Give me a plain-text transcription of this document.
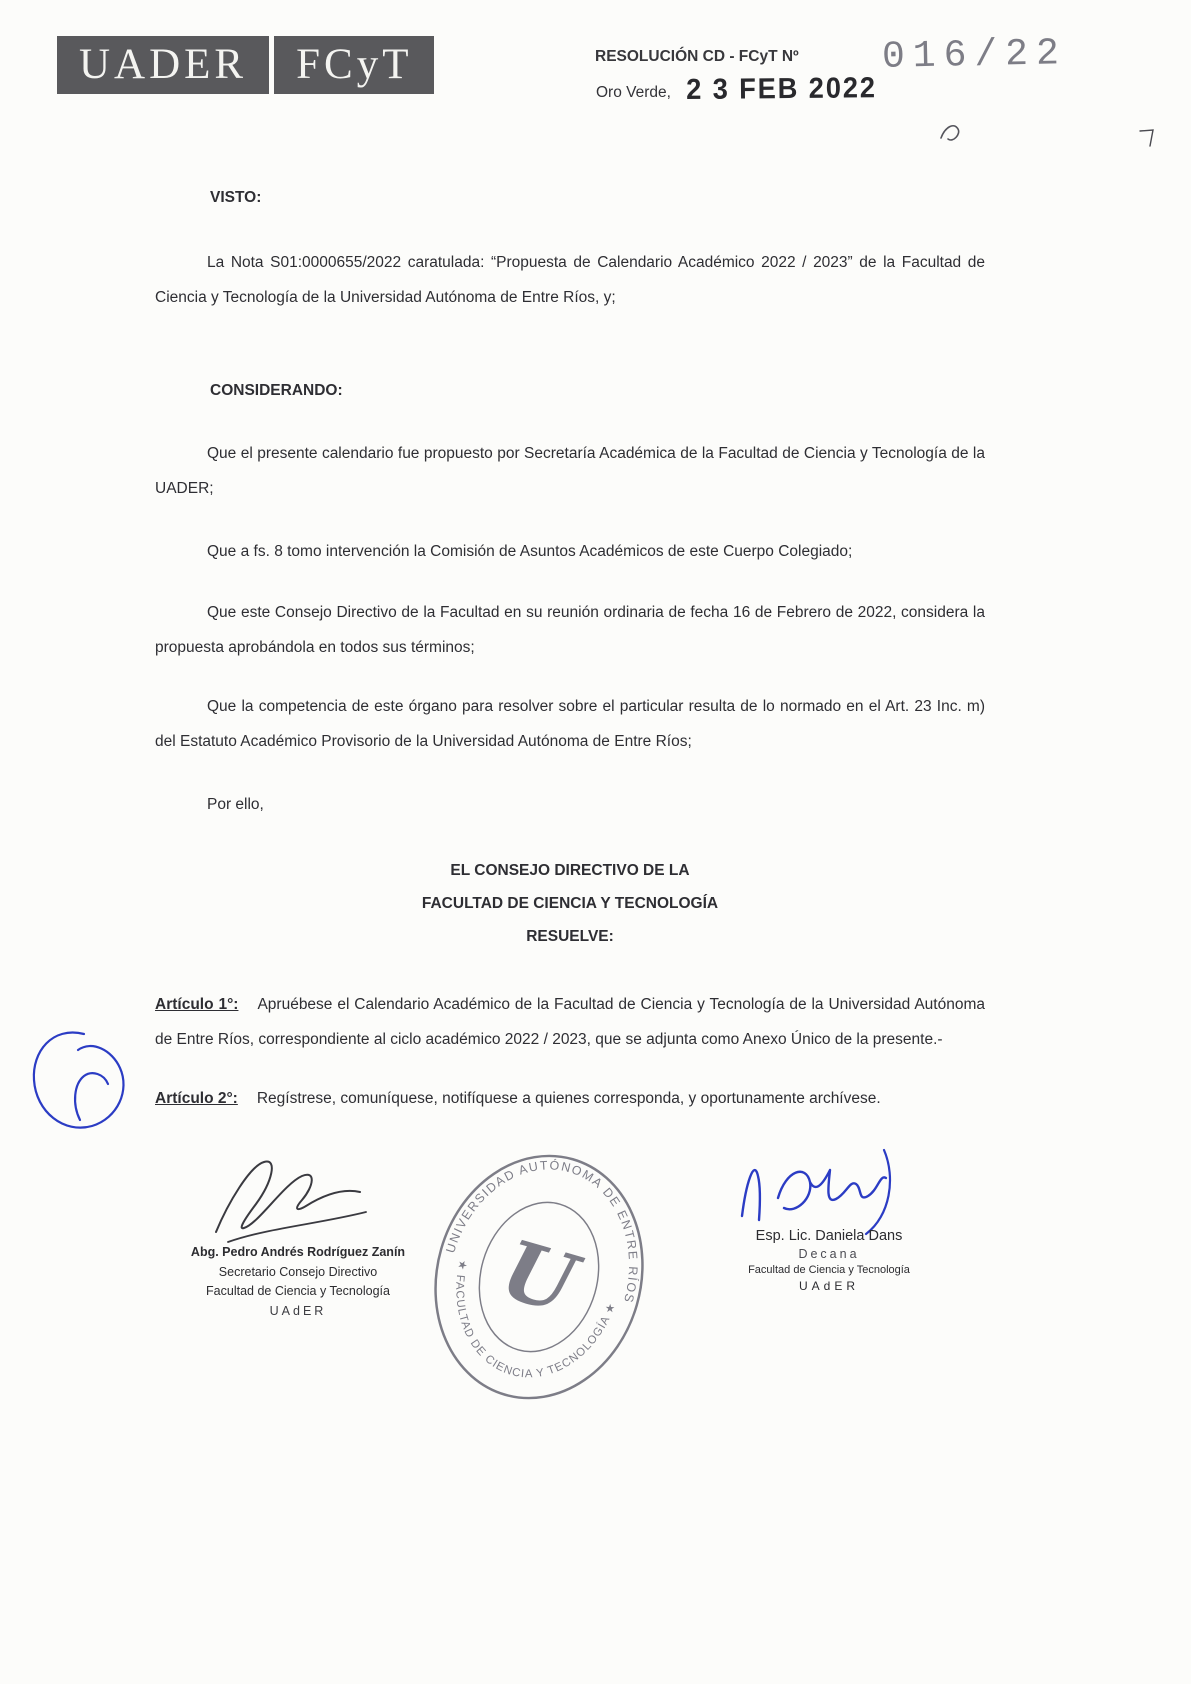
UADER	FCyT	RESOLUCIÓN CD - FCyT Nº 016/22
Oro Verde, 2 3 FEB 2022

VISTO:

La Nota S01:0000655/2022 caratulada: “Propuesta de Calendario Académico 2022 / 2023” de la Facultad de Ciencia y Tecnología de la Universidad Autónoma de Entre Ríos, y;

CONSIDERANDO:

Que el presente calendario fue propuesto por Secretaría Académica de la Facultad de Ciencia y Tecnología de la UADER;

Que a fs. 8 tomo intervención la Comisión de Asuntos Académicos de este Cuerpo Colegiado;

Que este Consejo Directivo de la Facultad en su reunión ordinaria de fecha 16 de Febrero de 2022, considera la propuesta aprobándola en todos sus términos;

Que la competencia de este órgano para resolver sobre el particular resulta de lo normado en el Art. 23 Inc. m) del Estatuto Académico Provisorio de la Universidad Autónoma de Entre Ríos;

Por ello,

EL CONSEJO DIRECTIVO DE LA

FACULTAD DE CIENCIA Y TECNOLOGÍA

RESUELVE:

Artículo 1°: Apruébese el Calendario Académico de la Facultad de Ciencia y Tecnología de la Universidad Autónoma de Entre Ríos, correspondiente al ciclo académico 2022 / 2023, que se adjunta como Anexo Único de la presente.-

Artículo 2°: Regístrese, comuníquese, notifíquese a quienes corresponda, y oportunamente archívese.

Abg. Pedro Andrés Rodríguez Zanín
Secretario Consejo Directivo
Facultad de Ciencia y Tecnología
UAdER
UNIVERSIDAD AUTÓNOMA DE ENTRE RÍOS
★ FACULTAD DE CIENCIA Y TECNOLOGÍA ★
U	Esp. Lic. Daniela Dans
Decana
Facultad de Ciencia y Tecnología
UAdER
